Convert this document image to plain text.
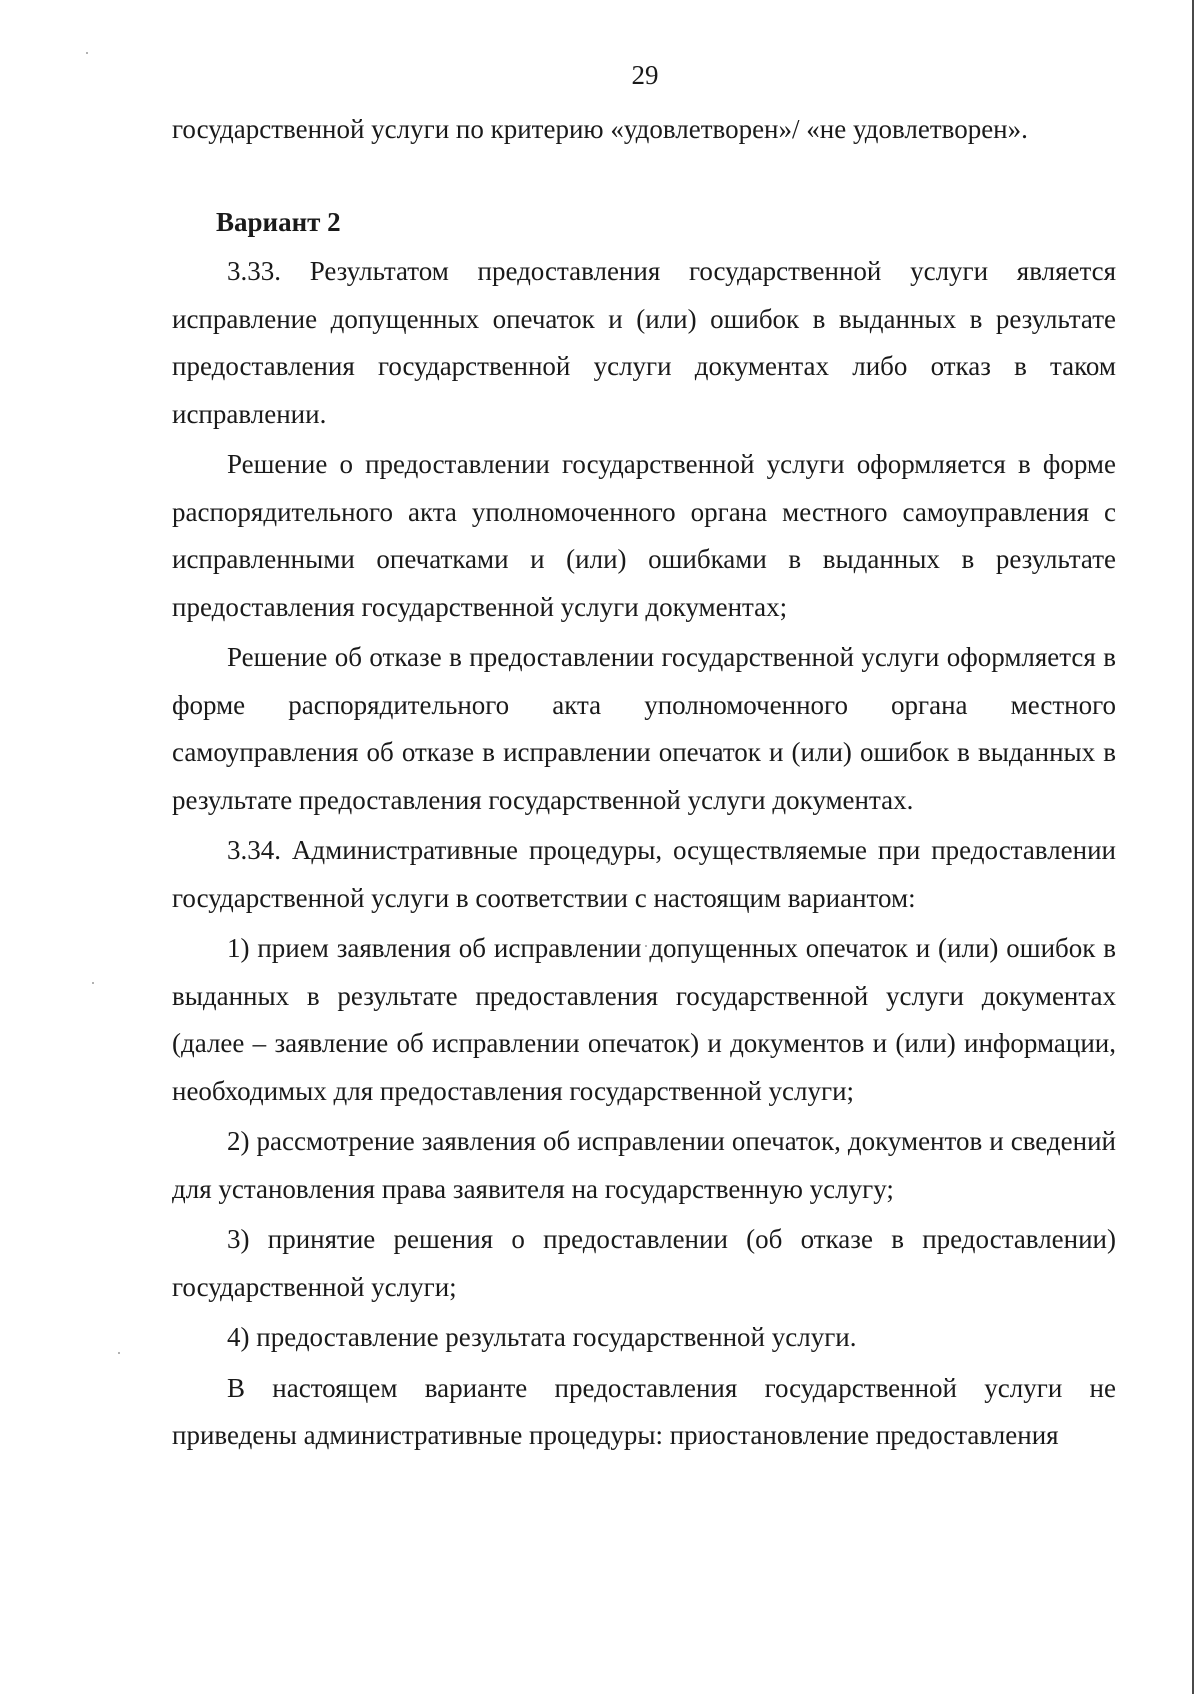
29

государственной услуги по критерию «удовлетворен»/ «не удовлетворен».

Вариант 2

3.33. Результатом предоставления государственной услуги является исправление допущенных опечаток и (или) ошибок в выданных в результате предоставления государственной услуги документах либо отказ в таком исправлении.

Решение о предоставлении государственной услуги оформляется в форме распорядительного акта уполномоченного органа местного самоуправления с исправленными опечатками и (или) ошибками в выданных в результате предоставления государственной услуги документах;

Решение об отказе в предоставлении государственной услуги оформляется в форме распорядительного акта уполномоченного органа местного самоуправления об отказе в исправлении опечаток и (или) ошибок в выданных в результате предоставления государственной услуги документах.

3.34. Административные процедуры, осуществляемые при предоставлении государственной услуги в соответствии с настоящим вариантом:

1) прием заявления об исправлении допущенных опечаток и (или) ошибок в выданных в результате предоставления государственной услуги документах (далее – заявление об исправлении опечаток) и документов и (или) информации, необходимых для предоставления государственной услуги;

2) рассмотрение заявления об исправлении опечаток, документов и сведений для установления права заявителя на государственную услугу;

3) принятие решения о предоставлении (об отказе в предоставлении) государственной услуги;

4) предоставление результата государственной услуги.

В настоящем варианте предоставления государственной услуги не приведены административные процедуры: приостановление предоставления
